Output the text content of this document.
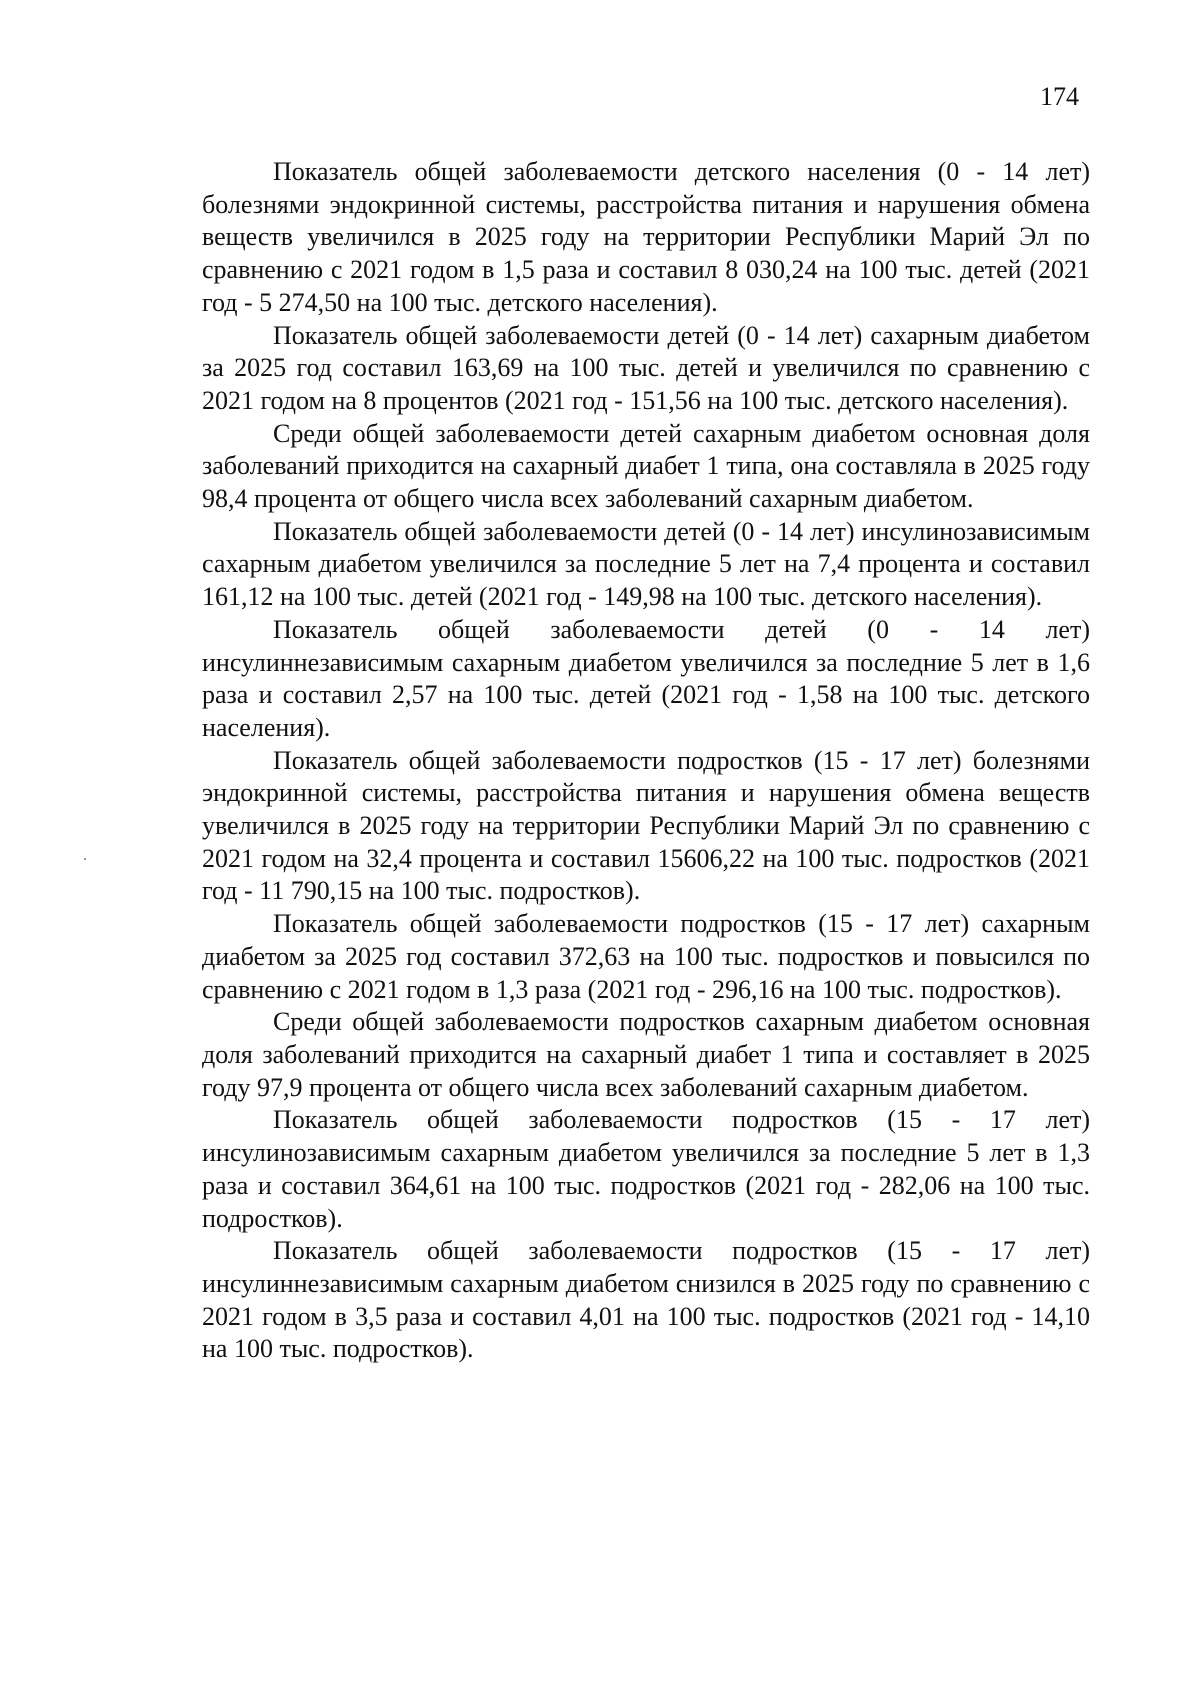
174

Показатель общей заболеваемости детского населения (0 - 14 лет) болезнями эндокринной системы, расстройства питания и нарушения обмена веществ увеличился в 2025 году на территории Республики Марий Эл по сравнению с 2021 годом в 1,5 раза и составил 8 030,24 на 100 тыс. детей (2021 год - 5 274,50 на 100 тыс. детского населения).

Показатель общей заболеваемости детей (0 - 14 лет) сахарным диабетом за 2025 год составил 163,69 на 100 тыс. детей и увеличился по сравнению с 2021 годом на 8 процентов (2021 год - 151,56 на 100 тыс. детского населения).

Среди общей заболеваемости детей сахарным диабетом основная доля заболеваний приходится на сахарный диабет 1 типа, она составляла в 2025 году 98,4 процента от общего числа всех заболеваний сахарным диабетом.

Показатель общей заболеваемости детей (0 - 14 лет) инсулинозависимым сахарным диабетом увеличился за последние 5 лет на 7,4 процента и составил 161,12 на 100 тыс. детей (2021 год - 149,98 на 100 тыс. детского населения).

Показатель общей заболеваемости детей (0 - 14 лет) инсулиннезависимым сахарным диабетом увеличился за последние 5 лет в 1,6 раза и составил 2,57 на 100 тыс. детей (2021 год - 1,58 на 100 тыс. детского населения).

Показатель общей заболеваемости подростков (15 - 17 лет) болезнями эндокринной системы, расстройства питания и нарушения обмена веществ увеличился в 2025 году на территории Республики Марий Эл по сравнению с 2021 годом на 32,4 процента и составил 15606,22 на 100 тыс. подростков (2021 год - 11 790,15 на 100 тыс. подростков).

Показатель общей заболеваемости подростков (15 - 17 лет) сахарным диабетом за 2025 год составил 372,63 на 100 тыс. подростков и повысился по сравнению с 2021 годом в 1,3 раза (2021 год - 296,16 на 100 тыс. подростков).

Среди общей заболеваемости подростков сахарным диабетом основная доля заболеваний приходится на сахарный диабет 1 типа и составляет в 2025 году 97,9 процента от общего числа всех заболеваний сахарным диабетом.

Показатель общей заболеваемости подростков (15 - 17 лет) инсулинозависимым сахарным диабетом увеличился за последние 5 лет в 1,3 раза и составил 364,61 на 100 тыс. подростков (2021 год - 282,06 на 100 тыс. подростков).

Показатель общей заболеваемости подростков (15 - 17 лет) инсулиннезависимым сахарным диабетом снизился в 2025 году по сравнению с 2021 годом в 3,5 раза и составил 4,01 на 100 тыс. подростков (2021 год - 14,10 на 100 тыс. подростков).
